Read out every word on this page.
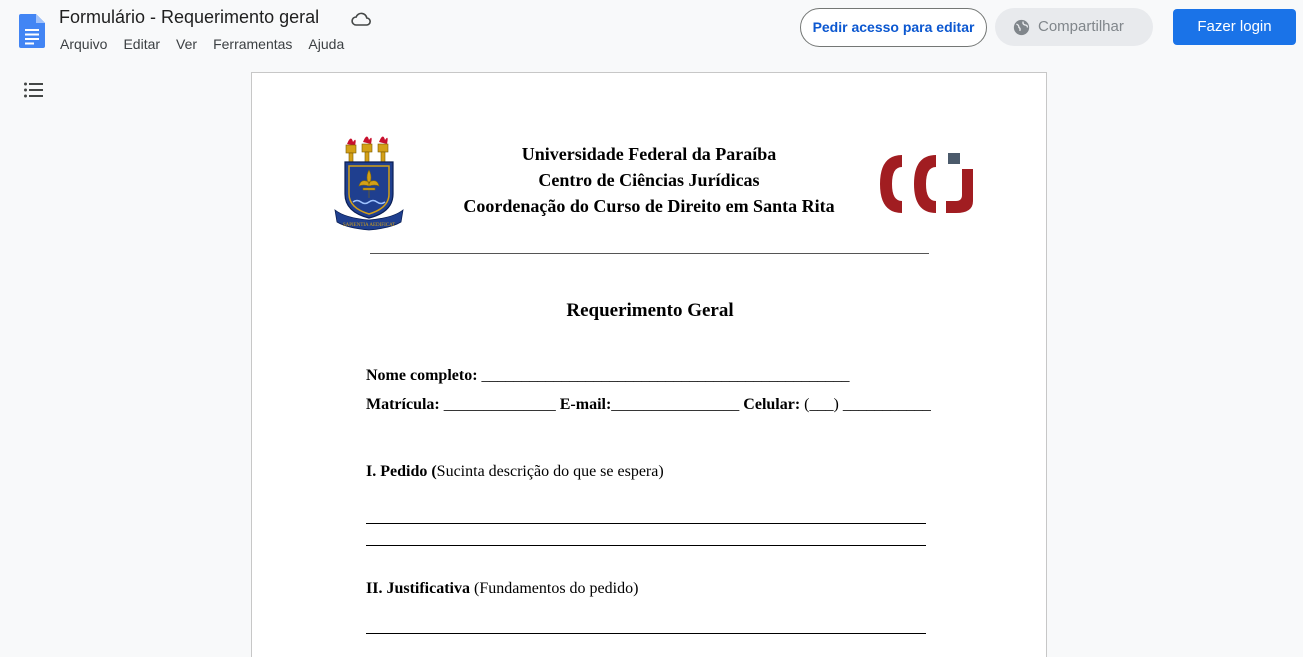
Formulário - Requerimento geral
Arquivo	Editar	Ver	Ferramentas	Ajuda
Pedir acesso para editar	Compartilhar	Fazer login
SAPIENTIA AEDIFICAT
Universidade Federal da Paraíba
Centro de Ciências Jurídicas
Coordenação do Curso de Direito em Santa Rita
Requerimento Geral
Nome completo: ______________________________________________
Matrícula: ______________ E-mail:________________ Celular: (___) ___________
I. Pedido (Sucinta descrição do que se espera)
II. Justificativa (Fundamentos do pedido)
